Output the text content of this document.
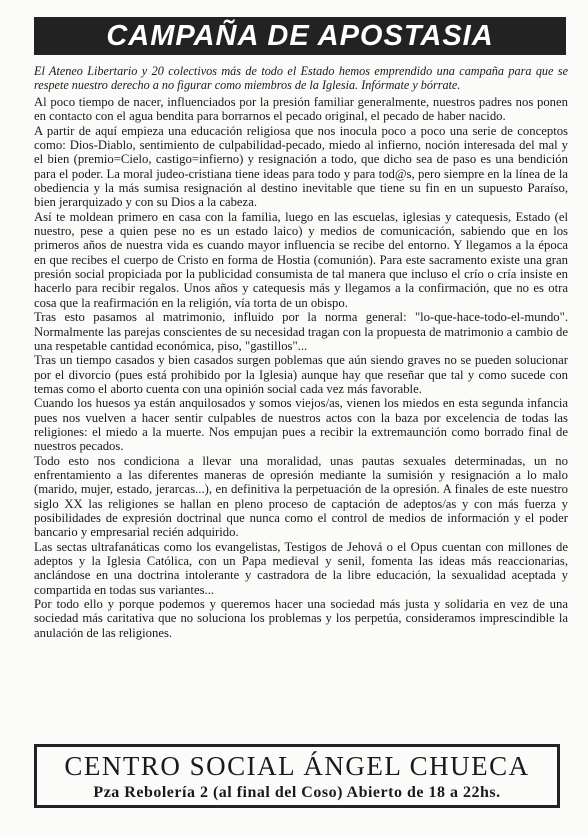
CAMPAÑA DE APOSTASIA
El Ateneo Libertario y 20 colectivos más de todo el Estado hemos emprendido una campaña para que se respete nuestro derecho a no figurar como miembros de la Iglesia. Infórmate y bórrate.

Al poco tiempo de nacer, influenciados por la presión familiar generalmente, nuestros padres nos ponen en contacto con el agua bendita para borrarnos el pecado original, el pecado de haber nacido.

A partir de aquí empieza una educación religiosa que nos inocula poco a poco una serie de conceptos como: Dios-Diablo, sentimiento de culpabilidad-pecado, miedo al infierno, noción interesada del mal y el bien (premio=Cielo, castigo=infierno) y resignación a todo, que dicho sea de paso es una bendición para el poder. La moral judeo-cristiana tiene ideas para todo y para tod@s, pero siempre en la línea de la obediencia y la más sumisa resignación al destino inevitable que tiene su fin en un supuesto Paraíso, bien jerarquizado y con su Dios a la cabeza.

Así te moldean primero en casa con la familia, luego en las escuelas, iglesias y catequesis, Estado (el nuestro, pese a quien pese no es un estado laico) y medios de comunicación, sabiendo que en los primeros años de nuestra vida es cuando mayor influencia se recibe del entorno. Y llegamos a la época en que recibes el cuerpo de Cristo en forma de Hostia (comunión). Para este sacramento existe una gran presión social propiciada por la publicidad consumista de tal manera que incluso el crío o cría insiste en hacerlo para recibir regalos. Unos años y catequesis más y llegamos a la confirmación, que no es otra cosa que la reafirmación en la religión, vía torta de un obispo.

Tras esto pasamos al matrimonio, influido por la norma general: "lo-que-hace-todo-el-mundo". Normalmente las parejas conscientes de su necesidad tragan con la propuesta de matrimonio a cambio de una respetable cantidad económica, piso, "gastillos"...

Tras un tiempo casados y bien casados surgen poblemas que aún siendo graves no se pueden solucionar por el divorcio (pues está prohibido por la Iglesia) aunque hay que reseñar que tal y como sucede con temas como el aborto cuenta con una opinión social cada vez más favorable.

Cuando los huesos ya están anquilosados y somos viejos/as, vienen los miedos en esta segunda infancia pues nos vuelven a hacer sentir culpables de nuestros actos con la baza por excelencia de todas las religiones: el miedo a la muerte. Nos empujan pues a recibir la extremaunción como borrado final de nuestros pecados.

Todo esto nos condiciona a llevar una moralidad, unas pautas sexuales determinadas, un no enfrentamiento a las diferentes maneras de opresión mediante la sumisión y resignación a lo malo (marido, mujer, estado, jerarcas...), en definitiva la perpetuación de la opresión. A finales de este nuestro siglo XX las religiones se hallan en pleno proceso de captación de adeptos/as y con más fuerza y posibilidades de expresión doctrinal que nunca como el control de medios de información y el poder bancario y empresarial recién adquirido.

Las sectas ultrafanáticas como los evangelistas, Testigos de Jehová o el Opus cuentan con millones de adeptos y la Iglesia Católica, con un Papa medieval y senil, fomenta las ideas más reaccionarias, anclándose en una doctrina intolerante y castradora de la libre educación, la sexualidad aceptada y compartida en todas sus variantes...

Por todo ello y porque podemos y queremos hacer una sociedad más justa y solidaria en vez de una sociedad más caritativa que no soluciona los problemas y los perpetúa, consideramos imprescindible la anulación de las religiones.

CENTRO SOCIAL ÁNGEL CHUECA
Pza Rebolería 2 (al final del Coso) Abierto de 18 a 22hs.
